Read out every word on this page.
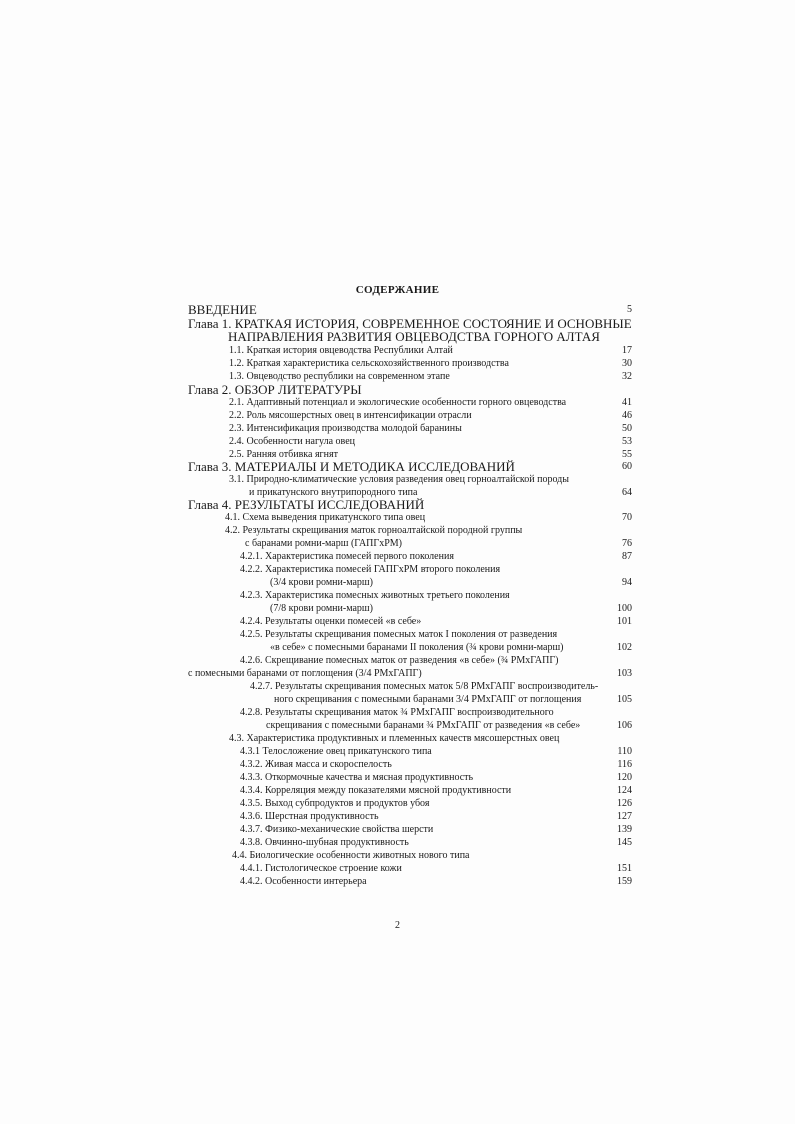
СОДЕРЖАНИЕ
ВВЕДЕНИЕ	5
Глава 1. КРАТКАЯ ИСТОРИЯ, СОВРЕМЕННОЕ СОСТОЯНИЕ И ОСНОВНЫЕ
НАПРАВЛЕНИЯ РАЗВИТИЯ ОВЦЕВОДСТВА ГОРНОГО АЛТАЯ
1.1. Краткая история овцеводства Республики Алтай	17
1.2. Краткая характеристика сельскохозяйственного производства	30
1.3. Овцеводство республики на современном этапе	32
Глава 2. ОБЗОР ЛИТЕРАТУРЫ
2.1. Адаптивный потенциал и экологические особенности горного овцеводства	41
2.2. Роль мясошерстных овец в интенсификации отрасли	46
2.3. Интенсификация производства молодой баранины	50
2.4. Особенности нагула овец	53
2.5. Ранняя отбивка ягнят	55
Глава 3. МАТЕРИАЛЫ И МЕТОДИКА ИССЛЕДОВАНИЙ	60
3.1. Природно-климатические условия разведения овец горноалтайской породы
и прикатунского внутрипородного типа	64
Глава 4. РЕЗУЛЬТАТЫ ИССЛЕДОВАНИЙ
4.1. Схема выведения прикатунского типа овец	70
4.2. Результаты скрещивания маток горноалтайской породной группы
с баранами ромни-марш (ГАПГхРМ)	76
4.2.1. Характеристика помесей первого поколения	87
4.2.2. Характеристика помесей ГАПГхРМ второго поколения
(3/4 крови ромни-марш)	94
4.2.3. Характеристика помесных животных третьего поколения
(7/8 крови ромни-марш)	100
4.2.4. Результаты оценки помесей «в себе»	101
4.2.5. Результаты скрещивания помесных маток I поколения от разведения
«в себе» с помесными баранами II поколения (¾ крови ромни-марш)	102
4.2.6. Скрещивание помесных маток от разведения «в себе» (¾ РМхГАПГ)
с помесными баранами от поглощения (3/4 РМхГАПГ)	103
4.2.7. Результаты скрещивания помесных маток 5/8 РМхГАПГ воспроизводитель-
ного скрещивания с помесными баранами 3/4 РМхГАПГ от поглощения	105
4.2.8. Результаты скрещивания маток ¾ РМхГАПГ воспроизводительного
скрещивания с помесными баранами ¾ РМхГАПГ от разведения «в себе»	106
4.3. Характеристика продуктивных и племенных качеств мясошерстных овец
4.3.1 Телосложение овец прикатунского типа	110
4.3.2. Живая масса и скороспелость	116
4.3.3. Откормочные качества и мясная продуктивность	120
4.3.4. Корреляция между показателями мясной продуктивности	124
4.3.5. Выход субпродуктов и продуктов убоя	126
4.3.6. Шерстная продуктивность	127
4.3.7. Физико-механические свойства шерсти	139
4.3.8. Овчинно-шубная продуктивность	145
4.4. Биологические особенности животных нового типа
4.4.1. Гистологическое строение кожи	151
4.4.2. Особенности интерьера	159
2
